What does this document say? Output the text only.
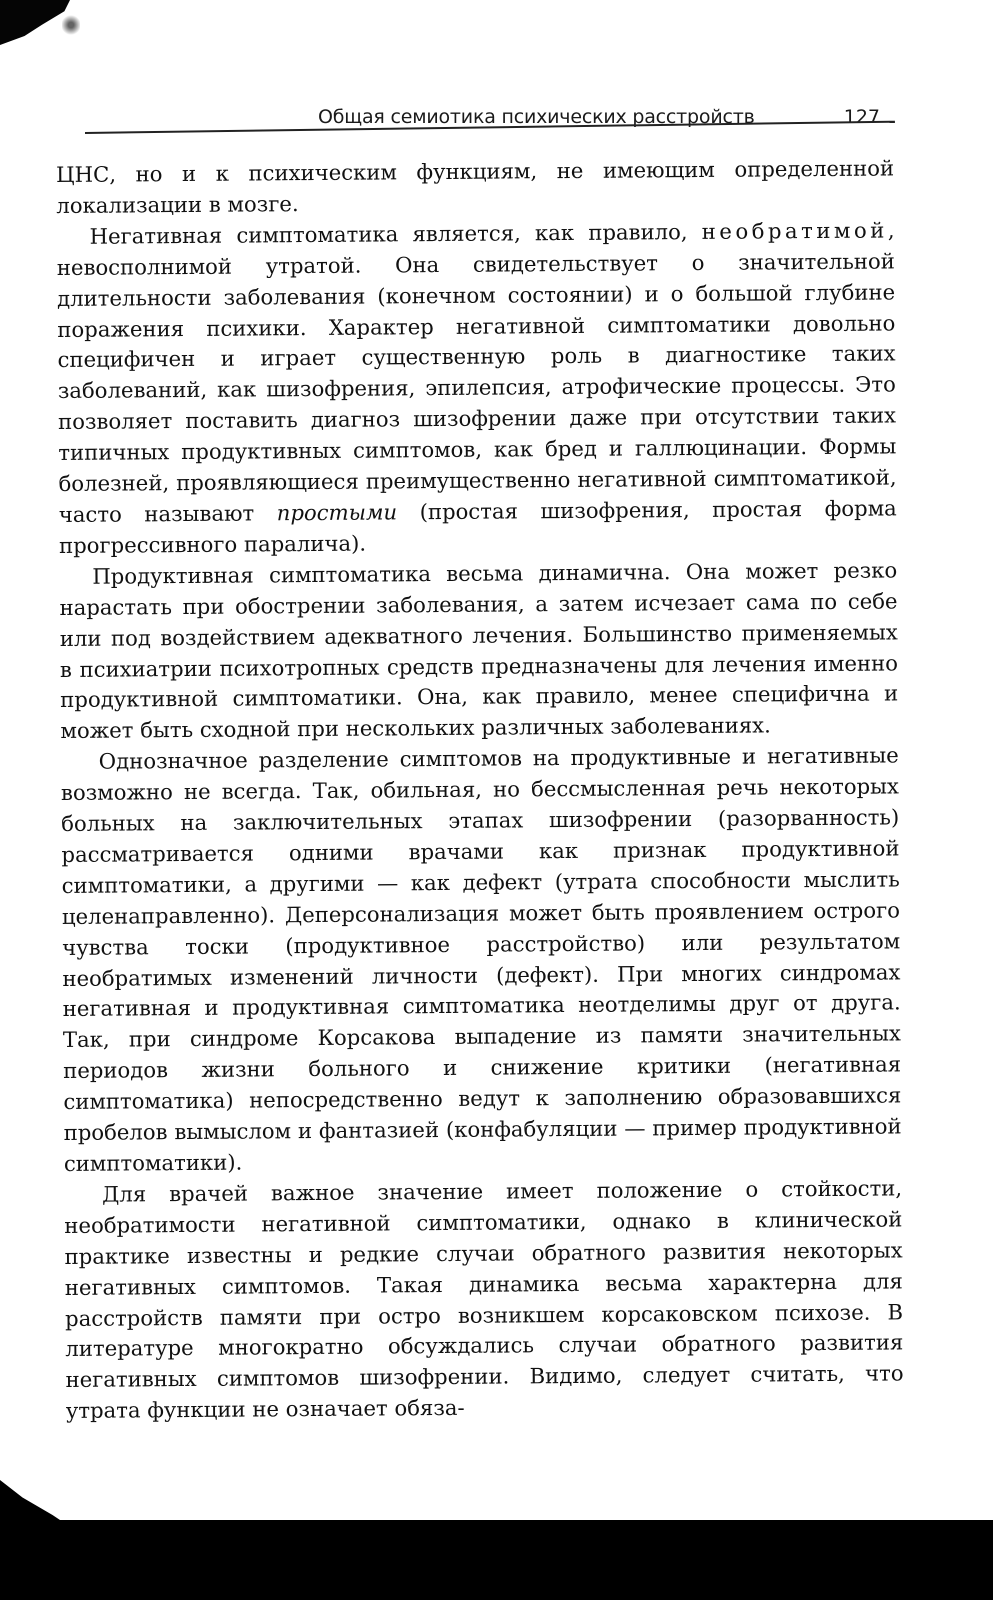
Общая семиотика психических расстройств	127

ЦНС, но и к психическим функциям, не имеющим определенной локализации в мозге.

Негативная симптоматика является, как правило, необратимой, невосполнимой утратой. Она свидетельствует о значительной длительности заболевания (конечном состоянии) и о большой глубине поражения психики. Характер негативной симптоматики довольно специфичен и играет существенную роль в диагностике таких заболеваний, как шизофрения, эпилепсия, атрофические процессы. Это позволяет поставить диагноз шизофрении даже при отсутствии таких типичных продуктивных симптомов, как бред и галлюцинации. Формы болезней, проявляющиеся преимущественно негативной симптоматикой, часто называют простыми (простая шизофрения, простая форма прогрессивного паралича).

Продуктивная симптоматика весьма динамична. Она может резко нарастать при обострении заболевания, а затем исчезает сама по себе или под воздействием адекватного лечения. Большинство применяемых в психиатрии психотропных средств предназначены для лечения именно продуктивной симптоматики. Она, как правило, менее специфична и может быть сходной при нескольких различных заболеваниях.

Однозначное разделение симптомов на продуктивные и негативные возможно не всегда. Так, обильная, но бессмысленная речь некоторых больных на заключительных этапах шизофрении (разорванность) рассматривается одними врачами как признак продуктивной симптоматики, а другими — как дефект (утрата способности мыслить целенаправленно). Деперсонализация может быть проявлением острого чувства тоски (продуктивное расстройство) или результатом необратимых изменений личности (дефект). При многих синдромах негативная и продуктивная симптоматика неотделимы друг от друга. Так, при синдроме Корсакова выпадение из памяти значительных периодов жизни больного и снижение критики (негативная симптоматика) непосредственно ведут к заполнению образовавшихся пробелов вымыслом и фантазией (конфабуляции — пример продуктивной симптоматики).

Для врачей важное значение имеет положение о стойкости, необратимости негативной симптоматики, однако в клинической практике известны и редкие случаи обратного развития некоторых негативных симптомов. Такая динамика весьма характерна для расстройств памяти при остро возникшем корсаковском психозе. В литературе многократно обсуждались случаи обратного развития негативных симптомов шизофрении. Видимо, следует считать, что утрата функции не означает обяза-
